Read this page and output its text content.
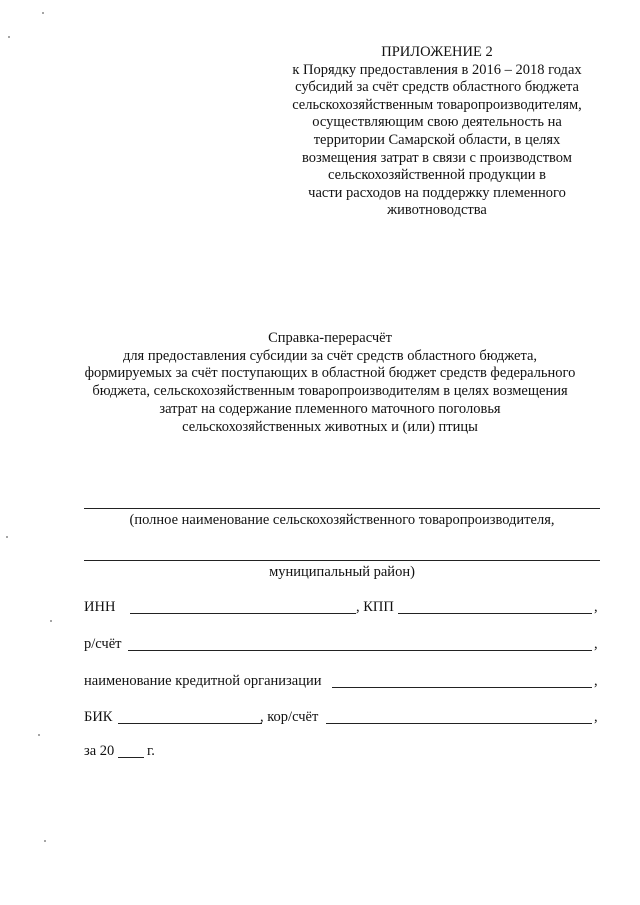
ПРИЛОЖЕНИЕ 2
к Порядку предоставления в 2016 – 2018 годах
субсидий за счёт средств областного бюджета
сельскохозяйственным товаропроизводителям,
осуществляющим свою деятельность на
территории Самарской области, в целях
возмещения затрат в связи с производством
сельскохозяйственной продукции в
части расходов на поддержку племенного
животноводства
Справка-перерасчёт
для предоставления субсидии за счёт средств областного бюджета,
формируемых за счёт поступающих в областной бюджет средств федерального
бюджета, сельскохозяйственным товаропроизводителям в целях возмещения
затрат на содержание племенного маточного поголовья
сельскохозяйственных животных и (или) птицы
(полное наименование сельскохозяйственного товаропроизводителя,
муниципальный район)
ИНН	, КПП	,
р/счёт	,
наименование кредитной организации	,
БИК	, кор/счёт	,
за 20 г.
